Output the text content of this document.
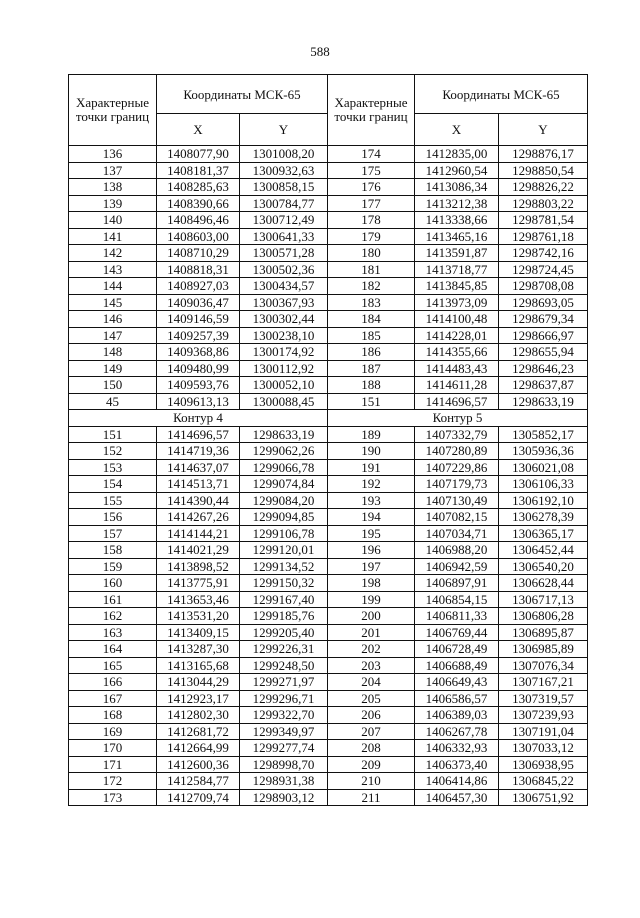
588
Характерные точки границ	Координаты МСК-65		Характерные точки границ	Координаты МСК-65	
	X	Y		X	Y
136	1408077,90	1301008,20	174	1412835,00	1298876,17
137	1408181,37	1300932,63	175	1412960,54	1298850,54
138	1408285,63	1300858,15	176	1413086,34	1298826,22
139	1408390,66	1300784,77	177	1413212,38	1298803,22
140	1408496,46	1300712,49	178	1413338,66	1298781,54
141	1408603,00	1300641,33	179	1413465,16	1298761,18
142	1408710,29	1300571,28	180	1413591,87	1298742,16
143	1408818,31	1300502,36	181	1413718,77	1298724,45
144	1408927,03	1300434,57	182	1413845,85	1298708,08
145	1409036,47	1300367,93	183	1413973,09	1298693,05
146	1409146,59	1300302,44	184	1414100,48	1298679,34
147	1409257,39	1300238,10	185	1414228,01	1298666,97
148	1409368,86	1300174,92	186	1414355,66	1298655,94
149	1409480,99	1300112,92	187	1414483,43	1298646,23
150	1409593,76	1300052,10	188	1414611,28	1298637,87
45	1409613,13	1300088,45	151	1414696,57	1298633,19
Контур 4			Контур 5		
151	1414696,57	1298633,19	189	1407332,79	1305852,17
152	1414719,36	1299062,26	190	1407280,89	1305936,36
153	1414637,07	1299066,78	191	1407229,86	1306021,08
154	1414513,71	1299074,84	192	1407179,73	1306106,33
155	1414390,44	1299084,20	193	1407130,49	1306192,10
156	1414267,26	1299094,85	194	1407082,15	1306278,39
157	1414144,21	1299106,78	195	1407034,71	1306365,17
158	1414021,29	1299120,01	196	1406988,20	1306452,44
159	1413898,52	1299134,52	197	1406942,59	1306540,20
160	1413775,91	1299150,32	198	1406897,91	1306628,44
161	1413653,46	1299167,40	199	1406854,15	1306717,13
162	1413531,20	1299185,76	200	1406811,33	1306806,28
163	1413409,15	1299205,40	201	1406769,44	1306895,87
164	1413287,30	1299226,31	202	1406728,49	1306985,89
165	1413165,68	1299248,50	203	1406688,49	1307076,34
166	1413044,29	1299271,97	204	1406649,43	1307167,21
167	1412923,17	1299296,71	205	1406586,57	1307319,57
168	1412802,30	1299322,70	206	1406389,03	1307239,93
169	1412681,72	1299349,97	207	1406267,78	1307191,04
170	1412664,99	1299277,74	208	1406332,93	1307033,12
171	1412600,36	1298998,70	209	1406373,40	1306938,95
172	1412584,77	1298931,38	210	1406414,86	1306845,22
173	1412709,74	1298903,12	211	1406457,30	1306751,92
